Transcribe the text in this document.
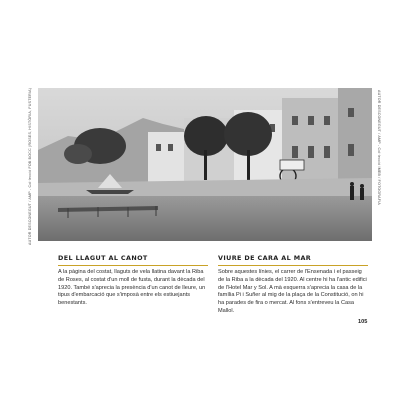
AUTOR DESCONEGUT / AMP - Col·lecció FOB BOCC (ROSES, HISTÒRIA, FUSTERIA)	AUTOR DESCONEGUT / AMP - Col·lecció IMEB / FOTOGRAFIA
DEL LLAGUT AL CANOT

A la pàgina del costat, llaguts de vela llatina davant la Riba de Roses, al costat d'un moll de fusta, durant la dècada del 1920. També s'aprecia la presència d'un canot de lleure, un tipus d'embarcació que s'imposà entre els estiuejants benestants.

VIURE DE CARA AL MAR

Sobre aquestes línies, el carrer de l'Ensenada i el passeig de la Riba a la dècada del 1920. Al centre hi ha l'antic edifici de l'Hotel Mar y Sol. A mà esquerra s'aprecia la casa de la família Pi i Suñer al mig de la plaça de la Constitució, on hi ha parades de fira o mercat. Al fons s'entreveu la Casa Mallol.

105
